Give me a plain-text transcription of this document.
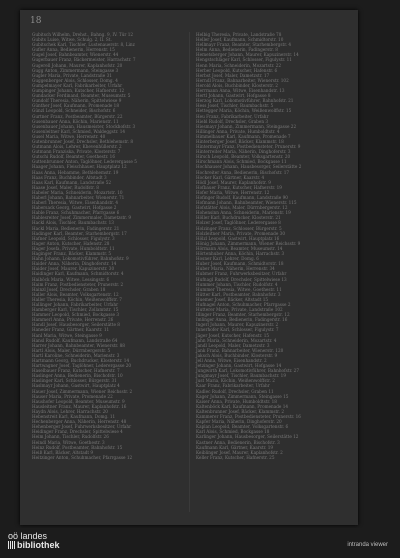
18
Gubitsch Wilhelm, Drehst., Bahng. 9, IV. Tür 12
Gubits Luise, Witwe, Schulg. 2, II. St.
Gubitschek Karl, Tischler, Lustenauerstr. 8, Linz
Gufler Anna, Bedienerin, Herrenstr. 15
Gugel Josef, Bahnbeamter, Wienerstr. 44
Gugerbauer Franz, Bäckermeister, Harrachstr. 7
Gugerell Johann, Maurer, Kaplanhofstr. 20
Gugg Anton, Zimmermann, Steingasse 3
Gugler Maria, Private, Landstraße 31
Guggenberger Alois, Schlosser, Domg. 4
Gumpelmayer Karl, Fabrikarbeiter, Urfahr
Gumpinger Johann, Kutscher, Hafnerstr. 12
Gundacker Ferdinand, Beamter, Museumstr. 5
Gundolf Theresia, Näherin, Spittelwiese 9
Günther Josef, Kaufmann, Promenade 18
Günzl Leopold, Schneider, Bischofstr. 6
Gurtner Franz, Postbeamter, Bürgerstr. 22
Gusenbauer Anna, Köchin, Marienstr. 11
Gusenbauer Johann, Hausmeister, Stockhofstr. 3
Gusenleitner Karl, Schmied, Waldeggstr. 14
Gusel Maria, Witwe, Herrenstr. 40
Gutenbrunner Josef, Drechsler, Bethlehemstr. 8
Gutmann Alois, Lehrer, Khevenhüllerstr. 2
Gutmann Franziska, Private, Klosterstr. 7
Gutschi Rudolf, Beamter, Goethestr. 16
Guttenbrunner Anton, Taglöhner, Lederergasse 5
Haager Johann, Fleischhauer, Hauptplatz 12
Haas Anna, Hebamme, Bethlehemstr. 19
Haas Franz, Buchbinder, Altstadt 3
Haas Karl, Kaufmann, Landstraße 52
Haase Josef, Maler, Rudolfstr. 8
Habeler Maria, Schneiderin, Mozartstr. 10
Haberl Johann, Bahnarbeiter, Wienerstr. 71
Haberl Theresia, Witwe, Eisenhandstr. 4
Habersack Georg, Gastwirt, Hofgasse 2
Hable Franz, Schuhmacher, Pfarrgasse 6
Hablesreiter Josef, Zimmermaler, Dametzstr. 9
Hackl Alois, Tischler, Baumbachstr. 13
Hackl Maria, Bedienerin, Fadingerstr. 21
Hadinger Karl, Beamter, Starhembergstr. 17
Hafner Leopold, Schlosser, Figulystr. 3
Hager Anton, Kutscher, Hafenstr. 28
Hager Josefa, Private, Humboldtstr. 11
Haginger Franz, Bäcker, Klammstr. 5
Hahn Johann, Lokomotivführer, Bahnhofstr. 9
Haider Anna, Näherin, Dinghoferstr. 14
Haider Josef, Maurer, Kapuzinerstr. 30
Haidinger Karl, Kaufmann, Schmidtorstr. 4
Haiböck Maria, Witwe, Lessingstr. 6
Haim Franz, Postbediensteter, Prunerstr. 2
Hainzl Josef, Drechsler, Graben 18
Haller Alois, Beamter, Volksgartenstr. 12
Haller Theresia, Köchin, Weißenwolffstr. 7
Hallinger Johann, Fabrikarbeiter, Urfahr
Hamberger Karl, Tischler, Zollamtstr. 15
Hammer Leopold, Schmied, Bockgasse 3
Hammerl Anna, Private, Herrenstr. 26
Handl Josef, Hausbesorger, Seilerstätte 8
Haneder Franz, Gärtner, Kaarstr. 11
Hanl Maria, Witwe, Steingasse 9
Hansl Rudolf, Kaufmann, Landstraße 64
Harrer Johann, Bahnbeamter, Wienerstr. 88
Hartl Alois, Maler, Dürrnbergerstr. 5
Hartl Karoline, Schneiderin, Marienstr. 3
Hartmann Georg, Buchdrucker, Klosterstr. 14
Hartwagner Josef, Taglöhner, Lederergasse 20
Haselbauer Franz, Kutscher, Hafnerstr. 7
Haslinger Anna, Bedienerin, Bischofstr. 10
Haslinger Karl, Schlosser, Bürgerstr. 31
Haslmayr Johann, Gastwirt, Hauptplatz 4
Hauer Josef, Zimmermann, Wiener Reichsstr. 2
Hauser Maria, Private, Promenade 22
Haushofer Leopold, Beamter, Museumstr. 9
Hausleitner Franz, Maurer, Kaplanhofstr. 16
Haydn Alois, Lehrer, Harrachstr. 20
Hebenstreit Karl, Kaufmann, Domg. 11
Hechenberger Anna, Näherin, Herrenstr. 48
Hehenberger Josef, Fuhrwerksbesitzer, Urfahr
Heidinger Franz, Drechsler, Spittelwiese 4
Heim Johann, Tischler, Rudolfstr. 26
Heindl Maria, Witwe, Goethestr. 3
Heinz Rudolf, Postbeamter, Bahnhofstr. 15
Heiß Karl, Bäcker, Altstadt 9
Heitzinger Anton, Schuhmacher, Pfarrgasse 12
Helbig Theresia, Private, Landstraße 78
Heller Josef, Kaufmann, Schmidtorstr. 10
Hellmayr Franz, Beamter, Starhembergstr. 4
Helm Anna, Bedienerin, Fadingerstr. 8
Hemetsberger Johann, Maurer, Kapuzinerstr. 14
Hengstschläger Karl, Schlosser, Figulystr. 11
Henn Maria, Schneiderin, Mozartstr. 22
Herber Leopold, Kutscher, Hafenstr. 6
Herbst Josef, Maler, Dametzstr. 17
Herndl Franz, Bahnarbeiter, Wienerstr. 102
Herold Alois, Buchbinder, Klosterstr. 2
Herrmann Anna, Witwe, Eisenhandstr. 13
Hertl Johann, Gastwirt, Hofgasse 8
Herzog Karl, Lokomotivführer, Bahnhofstr. 21
Hess Josef, Tischler, Baumbachstr. 5
Hettegger Maria, Köchin, Weißenwolffstr. 15
Heu Franz, Fabrikarbeiter, Urfahr
Hiebl Rudolf, Drechsler, Graben 3
Hiesmayr Johann, Zimmermann, Steingasse 22
Hillinger Anna, Private, Humboldtstr. 4
Himmelbauer Karl, Kaufmann, Promenade 7
Hinterberger Josef, Bäcker, Klammstr. 18
Hintermayr Franz, Postbediensteter, Prunerstr. 9
Hinterreiter Maria, Näherin, Dinghoferstr. 3
Hirsch Leopold, Beamter, Volksgartenstr. 20
Hirschmann Alois, Schmied, Bockgasse 11
Hochhauser Johann, Hausbesorger, Seilerstätte 2
Hochreiter Anna, Bedienerin, Bischofstr. 17
Hocker Karl, Gärtner, Kaarstr. 4
Hödl Josef, Maurer, Kaplanhofstr. 9
Hofbauer Franz, Kutscher, Hafnerstr. 19
Hofer Maria, Witwe, Herrenstr. 12
Hofinger Rudolf, Kaufmann, Landstraße 90
Hofmann Johann, Bahnbeamter, Wienerstr. 115
Hofstätter Alois, Maler, Dürrnbergerstr. 12
Hohensinn Anna, Schneiderin, Marienstr. 19
Höller Karl, Buchdrucker, Klosterstr. 21
Holzer Josef, Taglöhner, Lederergasse 8
Holzinger Franz, Schlosser, Bürgerstr. 5
Holzleitner Maria, Private, Promenade 30
Hölzl Leopold, Gastwirt, Hauptplatz 16
Hönig Johann, Zimmermann, Wiener Reichsstr. 9
Hörmann Alois, Beamter, Museumstr. 14
Hörtenhuber Anna, Köchin, Harrachstr. 3
Hosner Karl, Lehrer, Domg. 6
Huber Josef, Kaufmann, Schmidtorstr. 18
Huber Maria, Näherin, Herrenstr. 34
Hubmer Franz, Fuhrwerksbesitzer, Urfahr
Hufnagl Rudolf, Drechsler, Spittelwiese 13
Hummer Johann, Tischler, Rudolfstr. 4
Hummer Theresia, Witwe, Goethestr. 11
Hütter Karl, Postbeamter, Bahnhofstr. 3
Huemer Josef, Bäcker, Altstadt 15
Hufnagel Anton, Schuhmacher, Pfarrgasse 2
Hutterer Maria, Private, Landstraße 102
Illinger Franz, Beamter, Starhembergstr. 12
Imlinger Anna, Bedienerin, Fadingerstr. 16
Ingerl Johann, Maurer, Kapuzinerstr. 2
Innerhofer Karl, Schlosser, Figulystr. 7
Jäger Josef, Kutscher, Hafenstr. 15
Jahn Maria, Schneiderin, Mozartstr. 4
Jandl Leopold, Maler, Dametzstr. 3
Jank Franz, Bahnarbeiter, Wienerstr. 120
Jaksch Alois, Buchbinder, Klosterstr. 9
Jell Anna, Witwe, Eisenhandstr. 2
Jetzinger Johann, Gastwirt, Hofgasse 14
Jungwirth Karl, Lokomotivführer, Bahnhofstr. 27
Jungmayr Josef, Tischler, Baumbachstr. 19
Just Maria, Köchin, Weißenwolffstr. 2
Kaar Franz, Fabrikarbeiter, Urfahr
Kadlec Rudolf, Drechsler, Graben 11
Kager Johann, Zimmermann, Steingasse 15
Kaiser Anna, Private, Humboldtstr. 18
Kaltenböck Karl, Kaufmann, Promenade 14
Kaltenbrunner Josef, Bäcker, Klammstr. 2
Kammerer Franz, Postbediensteter, Prunerstr. 16
Kapfer Maria, Näherin, Dinghoferstr. 20
Kaplan Leopold, Beamter, Volksgartenstr. 6
Karl Alois, Schmied, Bockgasse 18
Karlinger Johann, Hausbesorger, Seilerstätte 12
Kastner Anna, Bedienerin, Bischofstr. 3
Kaufmann Karl, Gärtner, Kaarstr. 19
Keiblinger Josef, Maurer, Kaplanhofstr. 2
Keller Franz, Kutscher, Hafnerstr. 25
oö landes
bibliothek	intranda viewer
